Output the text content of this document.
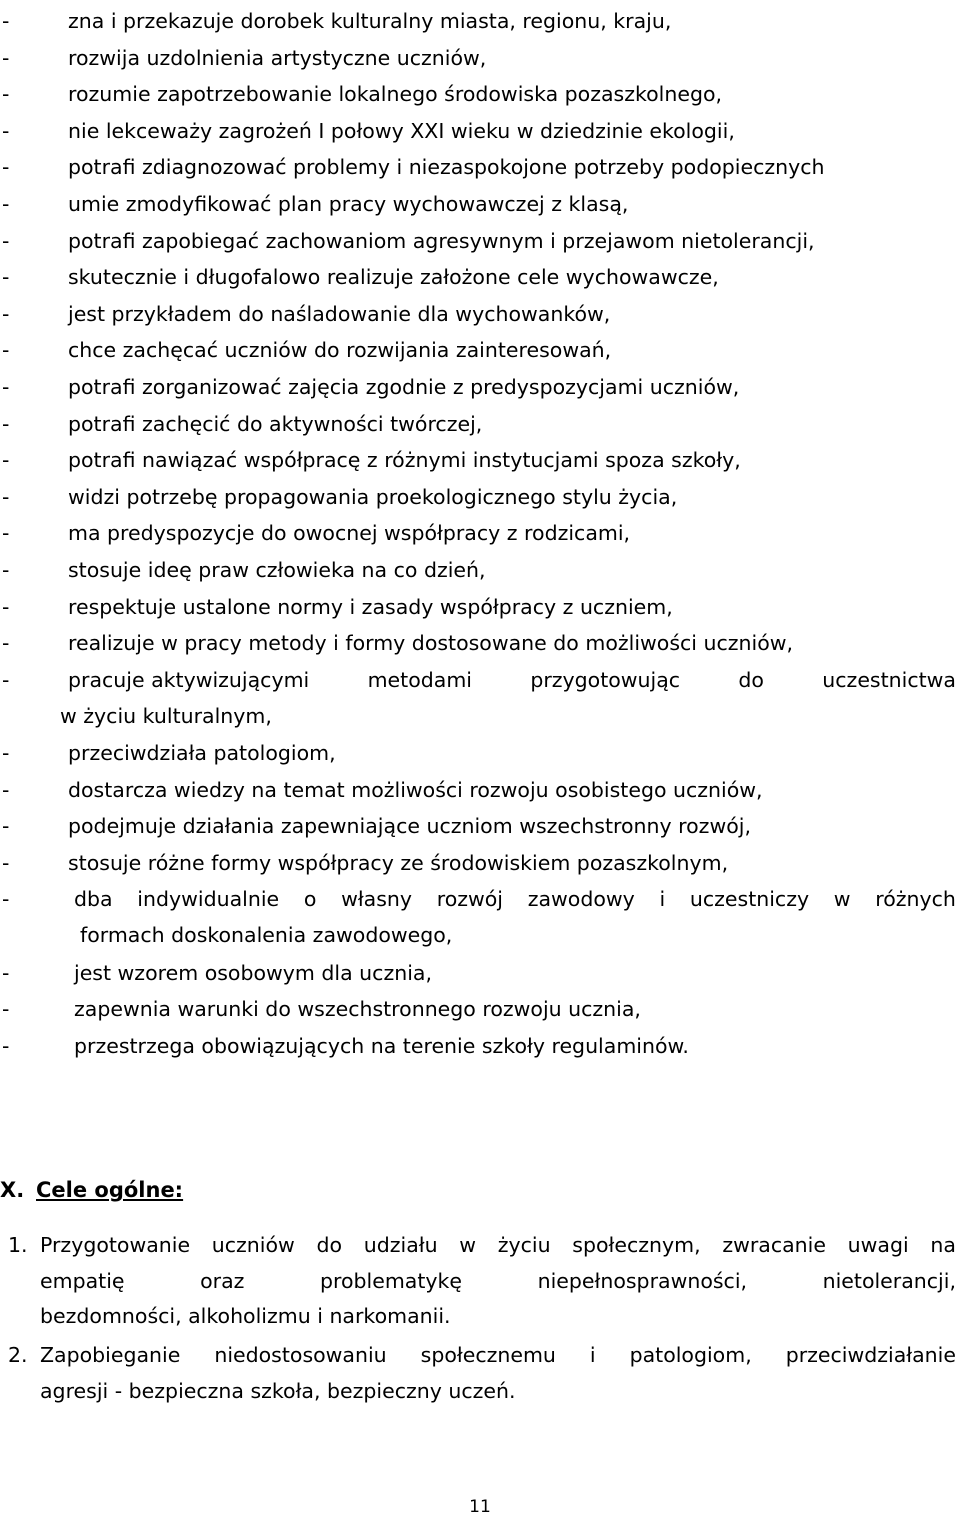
-	zna i przekazuje dorobek kulturalny miasta, regionu, kraju,
-	rozwija uzdolnienia artystyczne uczniów,
-	rozumie zapotrzebowanie lokalnego środowiska pozaszkolnego,
-	nie lekceważy zagrożeń I połowy XXI wieku w dziedzinie ekologii,
-	potrafi zdiagnozować problemy i niezaspokojone potrzeby podopiecznych
-	umie zmodyfikować plan pracy wychowawczej z klasą,
-	potrafi zapobiegać zachowaniom agresywnym i przejawom nietolerancji,
-	skutecznie i długofalowo realizuje założone cele wychowawcze,
-	jest przykładem do naśladowanie dla wychowanków,
-	chce zachęcać uczniów do rozwijania zainteresowań,
-	potrafi zorganizować zajęcia zgodnie z predyspozycjami uczniów,
-	potrafi zachęcić do aktywności twórczej,
-	potrafi nawiązać współpracę z różnymi instytucjami spoza szkoły,
-	widzi potrzebę propagowania proekologicznego stylu życia,
-	ma predyspozycje do owocnej współpracy z rodzicami,
-	stosuje ideę praw człowieka na co dzień,
-	respektuje ustalone normy i zasady współpracy z uczniem,
-	realizuje w pracy metody i formy dostosowane do możliwości uczniów,
-	pracuje aktywizującymi	metodami	przygotowując	do	uczestnictwa
w życiu kulturalnym,
-	przeciwdziała patologiom,
-	dostarcza wiedzy na temat możliwości rozwoju osobistego uczniów,
-	podejmuje działania zapewniające uczniom wszechstronny rozwój,
-	stosuje różne formy współpracy ze środowiskiem pozaszkolnym,
-	dba indywidualnie o własny rozwój zawodowy i uczestniczy w różnych
formach doskonalenia zawodowego,
-	jest wzorem osobowym dla ucznia,
-	zapewnia warunki do wszechstronnego rozwoju ucznia,
-	przestrzega obowiązujących na terenie szkoły regulaminów.
X. Cele ogólne:
1. Przygotowanie uczniów do udziału w życiu społecznym, zwracanie uwagi na
empatię	oraz	problematykę	niepełnosprawności,	nietolerancji,
bezdomności, alkoholizmu i narkomanii.
2. Zapobieganie niedostosowaniu społecznemu i patologiom, przeciwdziałanie
agresji - bezpieczna szkoła, bezpieczny uczeń.
11
